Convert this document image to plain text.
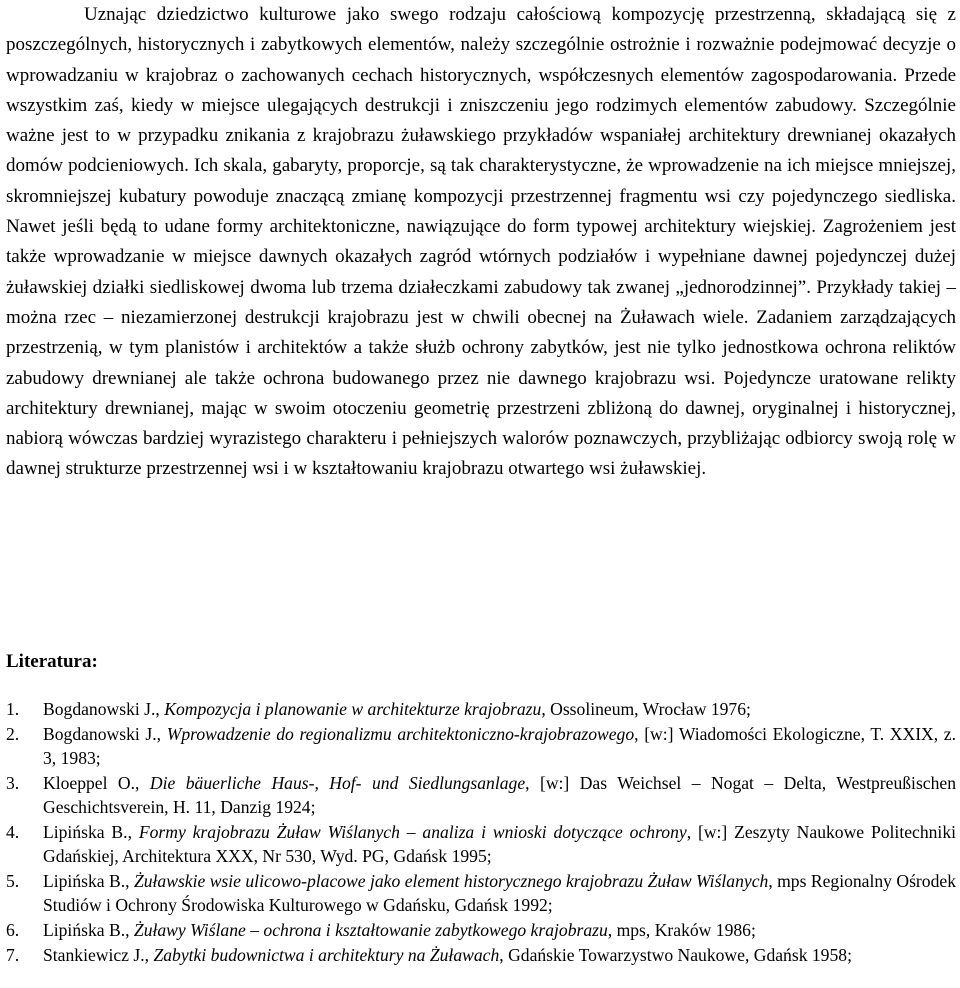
Uznając dziedzictwo kulturowe jako swego rodzaju całościową kompozycję przestrzenną, składającą się z poszczególnych, historycznych i zabytkowych elementów, należy szczególnie ostrożnie i rozważnie podejmować decyzje o wprowadzaniu w krajobraz o zachowanych cechach historycznych, współczesnych elementów zagospodarowania. Przede wszystkim zaś, kiedy w miejsce ulegających destrukcji i zniszczeniu jego rodzimych elementów zabudowy. Szczególnie ważne jest to w przypadku znikania z krajobrazu żuławskiego przykładów wspaniałej architektury drewnianej okazałych domów podcieniowych. Ich skala, gabaryty, proporcje, są tak charakterystyczne, że wprowadzenie na ich miejsce mniejszej, skromniejszej kubatury powoduje znaczącą zmianę kompozycji przestrzennej fragmentu wsi czy pojedynczego siedliska. Nawet jeśli będą to udane formy architektoniczne, nawiązujące do form typowej architektury wiejskiej. Zagrożeniem jest także wprowadzanie w miejsce dawnych okazałych zagród wtórnych podziałów i wypełniane dawnej pojedynczej dużej żuławskiej działki siedliskowej dwoma lub trzema działeczkami zabudowy tak zwanej „jednorodzinnej”. Przykłady takiej – można rzec – niezamierzonej destrukcji krajobrazu jest w chwili obecnej na Żuławach wiele. Zadaniem zarządzających przestrzenią, w tym planistów i architektów a także służb ochrony zabytków, jest nie tylko jednostkowa ochrona reliktów zabudowy drewnianej ale także ochrona budowanego przez nie dawnego krajobrazu wsi. Pojedyncze uratowane relikty architektury drewnianej, mając w swoim otoczeniu geometrię przestrzeni zbliżoną do dawnej, oryginalnej i historycznej, nabiorą wówczas bardziej wyrazistego charakteru i pełniejszych walorów poznawczych, przybliżając odbiorcy swoją rolę w dawnej strukturze przestrzennej wsi i w kształtowaniu krajobrazu otwartego wsi żuławskiej.

Literatura:
1. Bogdanowski J., Kompozycja i planowanie w architekturze krajobrazu, Ossolineum, Wrocław 1976;
2. Bogdanowski J., Wprowadzenie do regionalizmu architektoniczno-krajobrazowego, [w:] Wiadomości Ekologiczne, T. XXIX, z. 3, 1983;
3. Kloeppel O., Die bäuerliche Haus-, Hof- und Siedlungsanlage, [w:] Das Weichsel – Nogat – Delta, Westpreußischen Geschichtsverein, H. 11, Danzig 1924;
4. Lipińska B., Formy krajobrazu Żuław Wiślanych – analiza i wnioski dotyczące ochrony, [w:] Zeszyty Naukowe Politechniki Gdańskiej, Architektura XXX, Nr 530, Wyd. PG, Gdańsk 1995;
5. Lipińska B., Żuławskie wsie ulicowo-placowe jako element historycznego krajobrazu Żuław Wiślanych, mps Regionalny Ośrodek Studiów i Ochrony Środowiska Kulturowego w Gdańsku, Gdańsk 1992;
6. Lipińska B., Żuławy Wiślane – ochrona i kształtowanie zabytkowego krajobrazu, mps, Kraków 1986;
7. Stankiewicz J., Zabytki budownictwa i architektury na Żuławach, Gdańskie Towarzystwo Naukowe, Gdańsk 1958;
